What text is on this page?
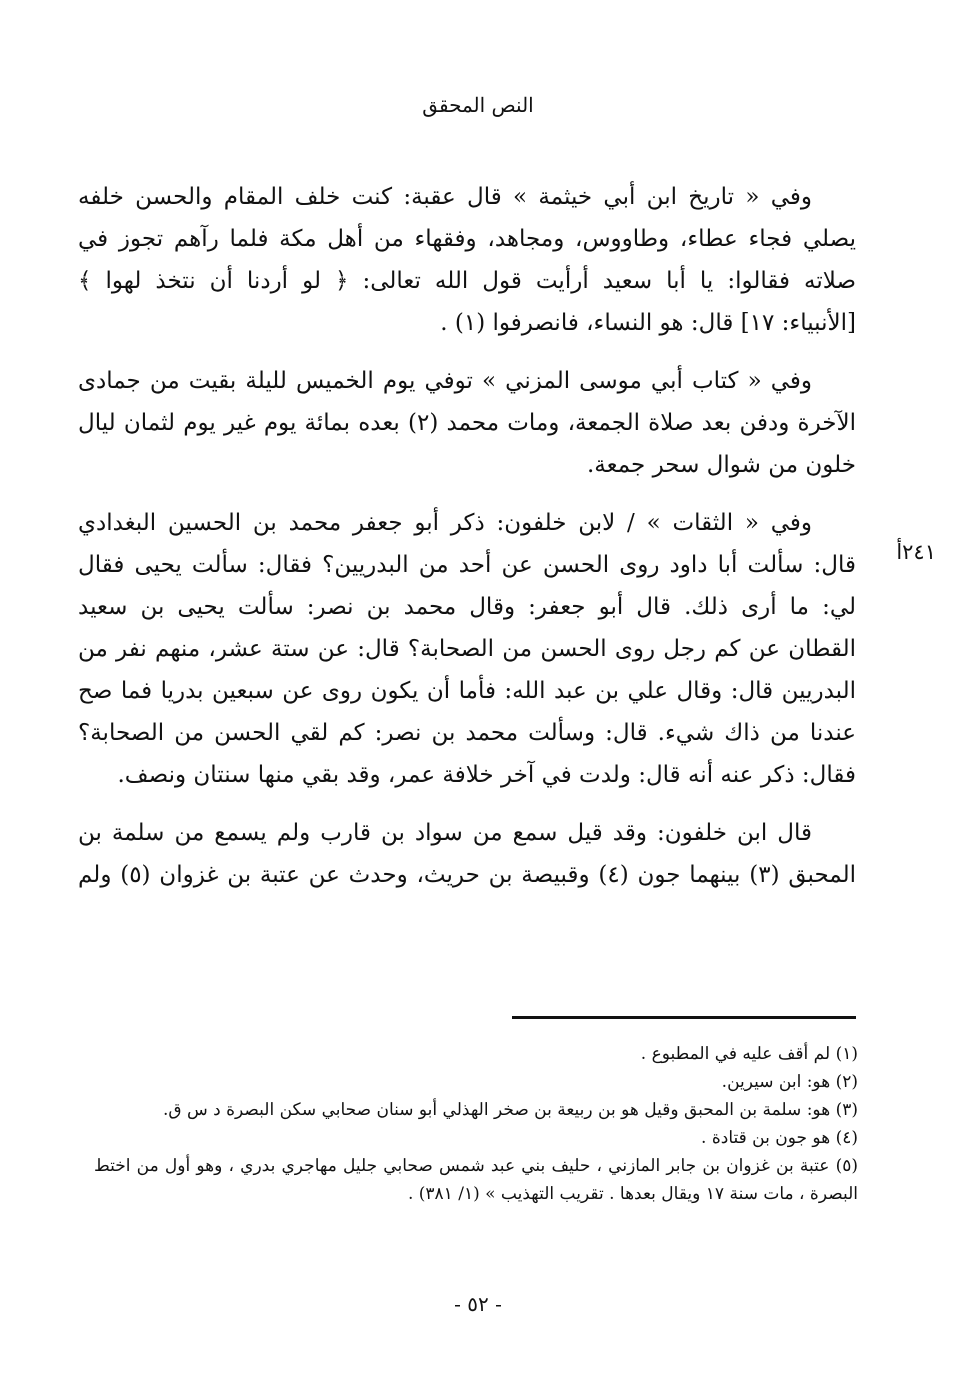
النص المحقق
٢٤١أ
وفي « تاريخ ابن أبي خيثمة » قال عقبة: كنت خلف المقام والحسن خلفه
يصلي فجاء عطاء، وطاووس، ومجاهد، وفقهاء من أهل مكة فلما رآهم تجوز في
صلاته فقالوا: يا أبا سعيد أرأيت قول الله تعالى: ﴿ لو أردنا أن نتخذ لهوا ﴾
[الأنبياء: ١٧] قال: هو النساء، فانصرفوا (١) .
وفي « كتاب أبي موسى المزني » توفي يوم الخميس لليلة بقيت من جمادى
الآخرة ودفن بعد صلاة الجمعة، ومات محمد (٢) بعده بمائة يوم غير يوم لثمان ليال
خلون من شوال سحر جمعة.
وفي « الثقات » / لابن خلفون: ذكر أبو جعفر محمد بن الحسين البغدادي
قال: سألت أبا داود روى الحسن عن أحد من البدريين؟ فقال: سألت يحيى فقال
لي: ما أرى ذلك. قال أبو جعفر: وقال محمد بن نصر: سألت يحيى بن سعيد
القطان عن كم رجل روى الحسن من الصحابة؟ قال: عن ستة عشر، منهم نفر من
البدريين قال: وقال علي بن عبد الله: فأما أن يكون روى عن سبعين بدريا فما صح
عندنا من ذاك شيء. قال: وسألت محمد بن نصر: كم لقي الحسن من الصحابة؟
فقال: ذكر عنه أنه قال: ولدت في آخر خلافة عمر، وقد بقي منها سنتان ونصف.
قال ابن خلفون: وقد قيل سمع من سواد بن قارب ولم يسمع من سلمة بن
المحبق (٣) بينهما جون (٤) وقبيصة بن حريث، وحدث عن عتبة بن غزوان (٥) ولم
(١) لم أقف عليه في المطبوع .
(٢) هو: ابن سيرين.
(٣) هو: سلمة بن المحبق وقيل هو بن ربيعة بن صخر الهذلي أبو سنان صحابي سكن البصرة د س ق.
(٤) هو جون بن قتادة .
(٥) عتبة بن غزوان بن جابر المازني ، حليف بني عبد شمس صحابي جليل مهاجري بدري ، وهو أول من اختط البصرة ، مات سنة ١٧ ويقال بعدها . تقريب التهذيب » (١/ ٣٨١) .
- ٥٢ -
